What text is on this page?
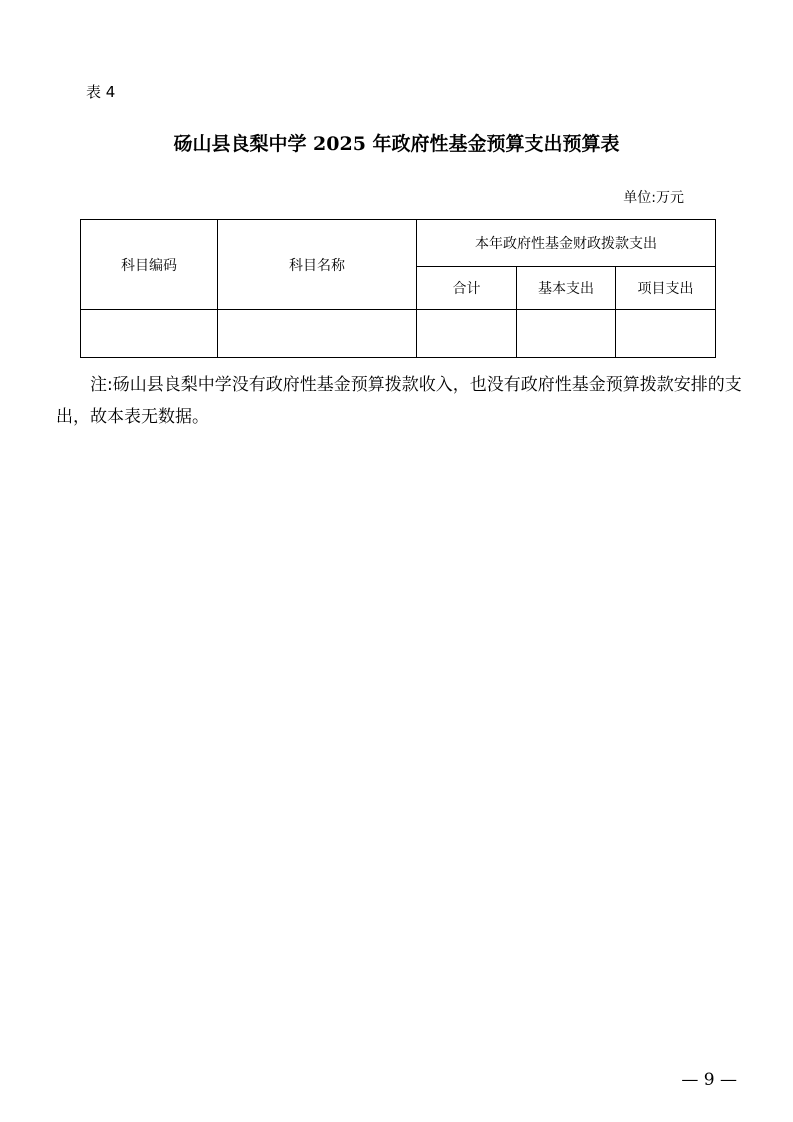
表 4
砀山县良梨中学 2025 年政府性基金预算支出预算表
单位:万元
科目编码	科目名称	本年政府性基金财政拨款支出		
		合计	基本支出	项目支出

注:砀山县良梨中学没有政府性基金预算拨款收入，也没有政府性基金预算拨款安排的支出，故本表无数据。
— 9 —
